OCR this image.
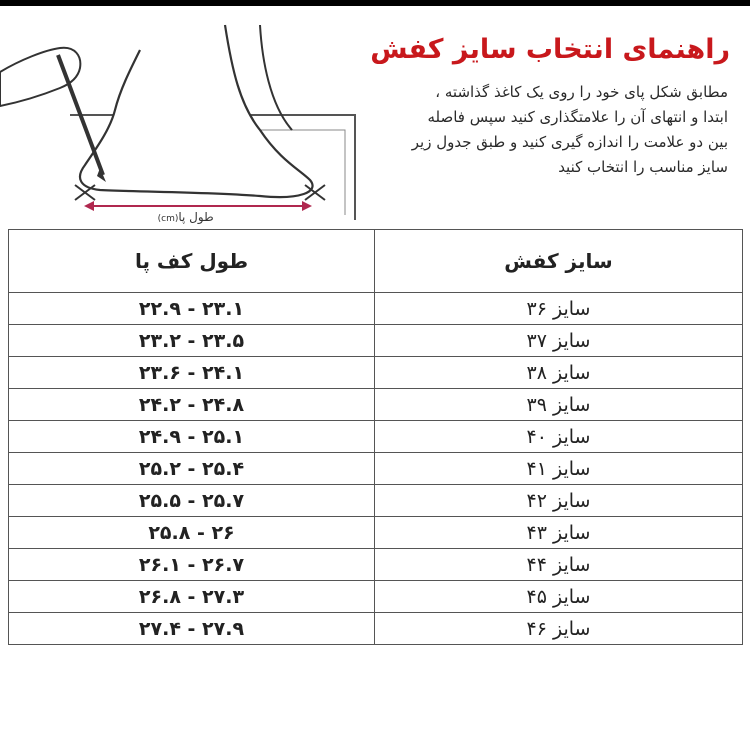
طول پا
(cm)
راهنمای انتخاب سایز کفش
مطابق شکل پای خود را روی یک کاغذ گذاشته ،
ابتدا و انتهای آن را علامتگذاری کنید سپس فاصله
بین دو علامت را اندازه گیری کنید و طبق جدول زیر
سایز مناسب را انتخاب کنید
سایز کفش	طول کف پا
سایز ۳۶	۲۲.۹ - ۲۳.۱
سایز ۳۷	۲۳.۲ - ۲۳.۵
سایز ۳۸	۲۳.۶ - ۲۴.۱
سایز ۳۹	۲۴.۲ - ۲۴.۸
سایز ۴۰	۲۴.۹ - ۲۵.۱
سایز ۴۱	۲۵.۲ - ۲۵.۴
سایز ۴۲	۲۵.۵ - ۲۵.۷
سایز ۴۳	۲۵.۸ - ۲۶
سایز ۴۴	۲۶.۱ - ۲۶.۷
سایز ۴۵	۲۶.۸ - ۲۷.۳
سایز ۴۶	۲۷.۴ - ۲۷.۹
